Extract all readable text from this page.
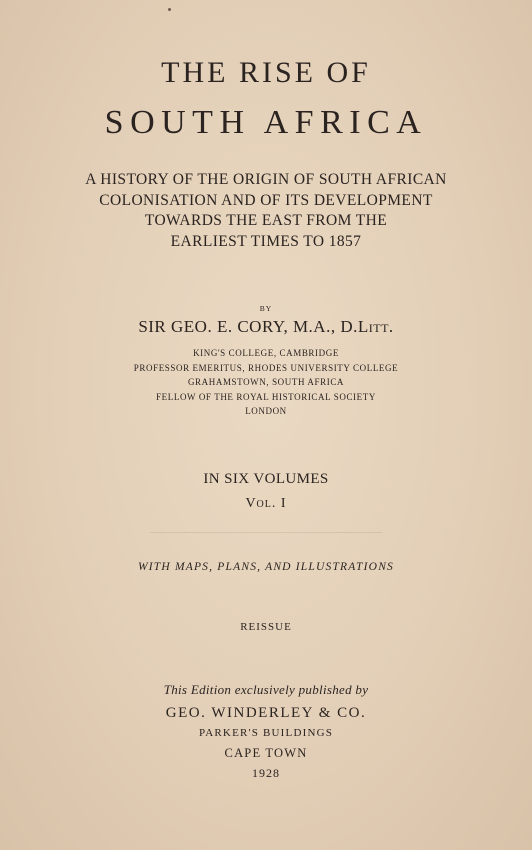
THE RISE OF
SOUTH AFRICA
A HISTORY OF THE ORIGIN OF SOUTH AFRICAN
COLONISATION AND OF ITS DEVELOPMENT
TOWARDS THE EAST FROM THE
EARLIEST TIMES TO 1857
BY
SIR GEO. E. CORY, M.A., D.Litt.
KING'S COLLEGE, CAMBRIDGE
PROFESSOR EMERITUS, RHODES UNIVERSITY COLLEGE
GRAHAMSTOWN, SOUTH AFRICA
FELLOW OF THE ROYAL HISTORICAL SOCIETY
LONDON
IN SIX VOLUMES
Vol. I
WITH MAPS, PLANS, AND ILLUSTRATIONS
REISSUE
This Edition exclusively published by
GEO. WINDERLEY & CO.
PARKER'S BUILDINGS
CAPE TOWN
1928
